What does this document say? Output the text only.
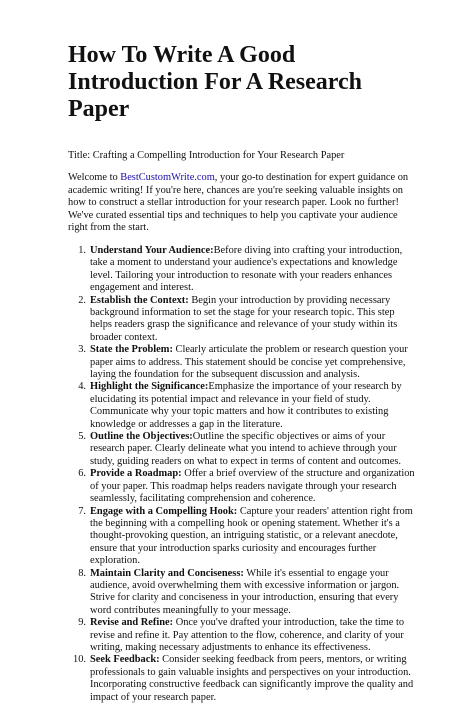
How To Write A Good Introduction For A Research Paper

Title: Crafting a Compelling Introduction for Your Research Paper

Welcome to BestCustomWrite.com, your go-to destination for expert guidance on academic writing! If you're here, chances are you're seeking valuable insights on how to construct a stellar introduction for your research paper. Look no further! We've curated essential tips and techniques to help you captivate your audience right from the start.

1. Understand Your Audience:Before diving into crafting your introduction, take a moment to understand your audience's expectations and knowledge level. Tailoring your introduction to resonate with your readers enhances engagement and interest.
2. Establish the Context: Begin your introduction by providing necessary background information to set the stage for your research topic. This step helps readers grasp the significance and relevance of your study within its broader context.
3. State the Problem: Clearly articulate the problem or research question your paper aims to address. This statement should be concise yet comprehensive, laying the foundation for the subsequent discussion and analysis.
4. Highlight the Significance:Emphasize the importance of your research by elucidating its potential impact and relevance in your field of study. Communicate why your topic matters and how it contributes to existing knowledge or addresses a gap in the literature.
5. Outline the Objectives:Outline the specific objectives or aims of your research paper. Clearly delineate what you intend to achieve through your study, guiding readers on what to expect in terms of content and outcomes.
6. Provide a Roadmap: Offer a brief overview of the structure and organization of your paper. This roadmap helps readers navigate through your research seamlessly, facilitating comprehension and coherence.
7. Engage with a Compelling Hook: Capture your readers' attention right from the beginning with a compelling hook or opening statement. Whether it's a thought-provoking question, an intriguing statistic, or a relevant anecdote, ensure that your introduction sparks curiosity and encourages further exploration.
8. Maintain Clarity and Conciseness: While it's essential to engage your audience, avoid overwhelming them with excessive information or jargon. Strive for clarity and conciseness in your introduction, ensuring that every word contributes meaningfully to your message.
9. Revise and Refine: Once you've drafted your introduction, take the time to revise and refine it. Pay attention to the flow, coherence, and clarity of your writing, making necessary adjustments to enhance its effectiveness.
10. Seek Feedback: Consider seeking feedback from peers, mentors, or writing professionals to gain valuable insights and perspectives on your introduction. Incorporating constructive feedback can significantly improve the quality and impact of your research paper.
